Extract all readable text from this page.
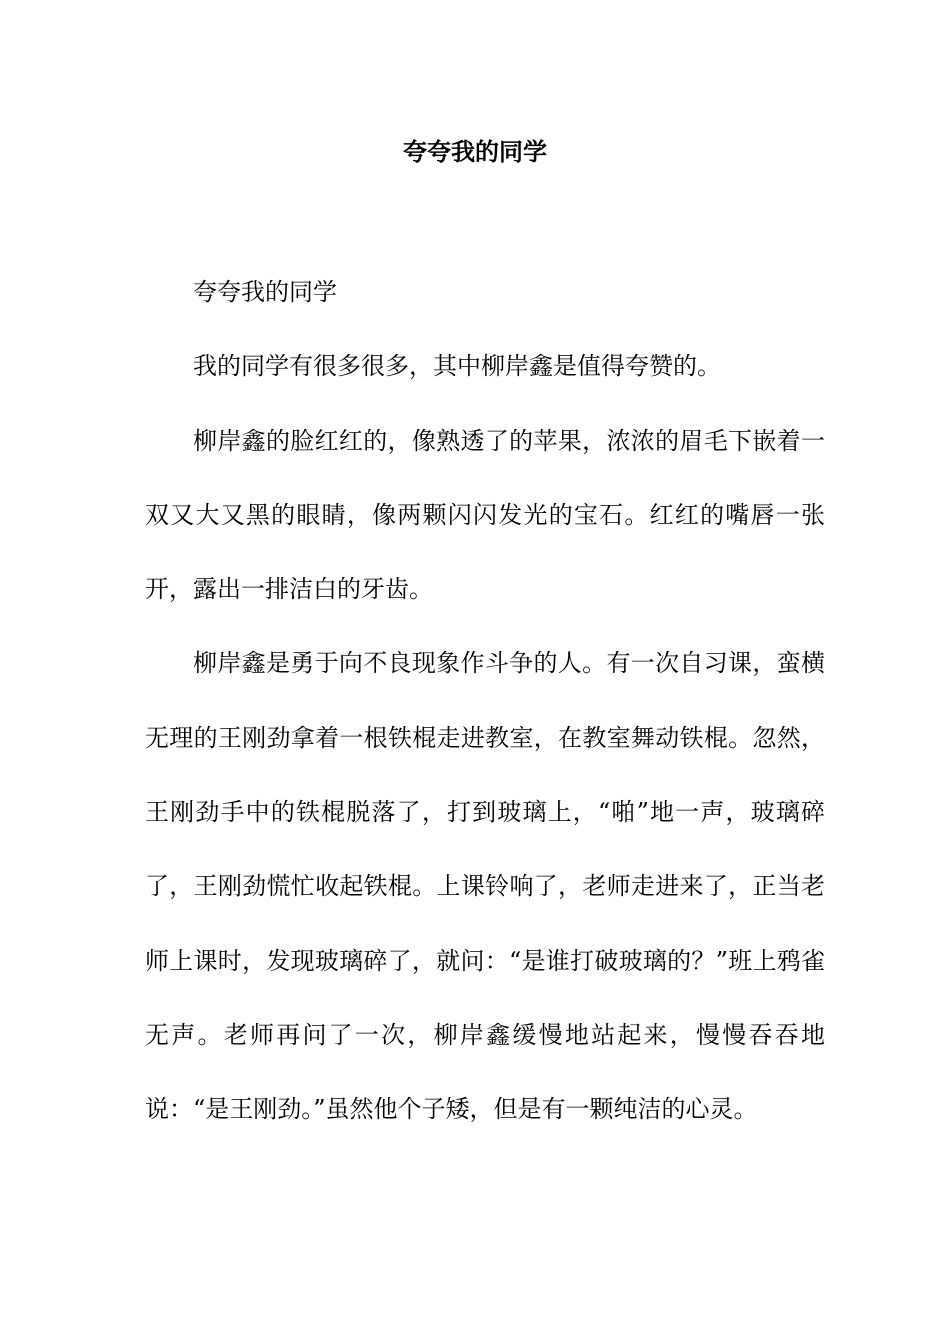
夸夸我的同学

夸夸我的同学

我的同学有很多很多，其中柳岸鑫是值得夸赞的。

柳岸鑫的脸红红的，像熟透了的苹果，浓浓的眉毛下嵌着一双又大又黑的眼睛，像两颗闪闪发光的宝石。红红的嘴唇一张开，露出一排洁白的牙齿。

柳岸鑫是勇于向不良现象作斗争的人。有一次自习课，蛮横无理的王刚劲拿着一根铁棍走进教室，在教室舞动铁棍。忽然，王刚劲手中的铁棍脱落了，打到玻璃上，“啪”地一声，玻璃碎了，王刚劲慌忙收起铁棍。上课铃响了，老师走进来了，正当老师上课时，发现玻璃碎了，就问：“是谁打破玻璃的？”班上鸦雀无声。老师再问了一次，柳岸鑫缓慢地站起来，慢慢吞吞地说：“是王刚劲。”虽然他个子矮，但是有一颗纯洁的心灵。
